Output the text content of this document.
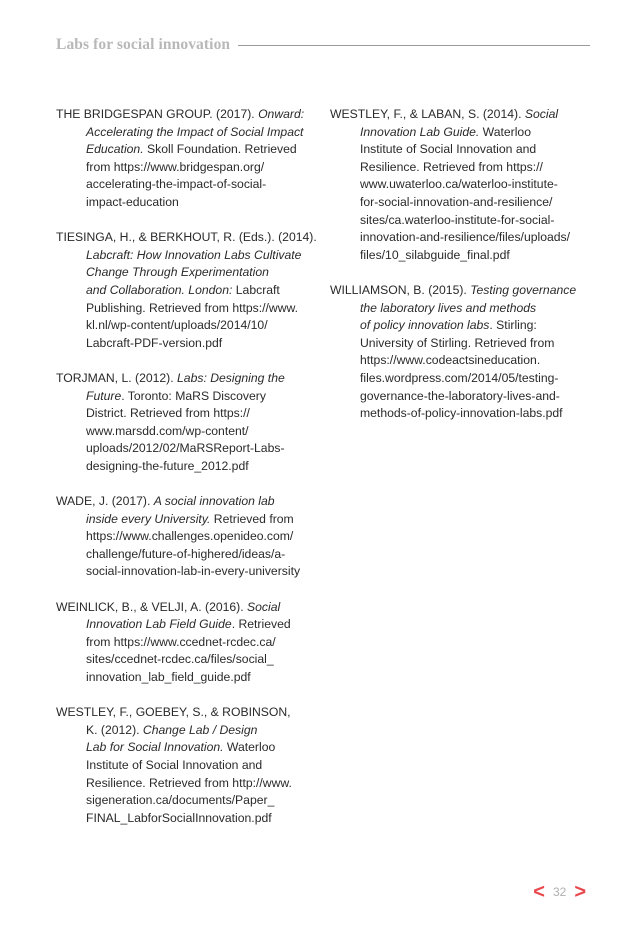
Labs for social innovation
THE BRIDGESPAN GROUP. (2017). Onward:
Accelerating the Impact of Social Impact
Education. Skoll Foundation. Retrieved
from https://www.bridgespan.org/
accelerating-the-impact-of-social-
impact-education
TIESINGA, H., & BERKHOUT, R. (Eds.). (2014).
Labcraft: How Innovation Labs Cultivate
Change Through Experimentation
and Collaboration. London: Labcraft
Publishing. Retrieved from https://www.
kl.nl/wp-content/uploads/2014/10/
Labcraft-PDF-version.pdf
TORJMAN, L. (2012). Labs: Designing the
Future. Toronto: MaRS Discovery
District. Retrieved from https://
www.marsdd.com/wp-content/
uploads/2012/02/MaRSReport-Labs-
designing-the-future_2012.pdf
WADE, J. (2017). A social innovation lab
inside every University. Retrieved from
https://www.challenges.openideo.com/
challenge/future-of-highered/ideas/a-
social-innovation-lab-in-every-university
WEINLICK, B., & VELJI, A. (2016). Social
Innovation Lab Field Guide. Retrieved
from https://www.ccednet-rcdec.ca/
sites/ccednet-rcdec.ca/files/social_
innovation_lab_field_guide.pdf
WESTLEY, F., GOEBEY, S., & ROBINSON,
K. (2012). Change Lab / Design
Lab for Social Innovation. Waterloo
Institute of Social Innovation and
Resilience. Retrieved from http://www.
sigeneration.ca/documents/Paper_
FINAL_LabforSocialInnovation.pdf
WESTLEY, F., & LABAN, S. (2014). Social
Innovation Lab Guide. Waterloo
Institute of Social Innovation and
Resilience. Retrieved from https://
www.uwaterloo.ca/waterloo-institute-
for-social-innovation-and-resilience/
sites/ca.waterloo-institute-for-social-
innovation-and-resilience/files/uploads/
files/10_silabguide_final.pdf
WILLIAMSON, B. (2015). Testing governance
the laboratory lives and methods
of policy innovation labs. Stirling:
University of Stirling. Retrieved from
https://www.codeactsineducation.
files.wordpress.com/2014/05/testing-
governance-the-laboratory-lives-and-
methods-of-policy-innovation-labs.pdf
< 32 >
